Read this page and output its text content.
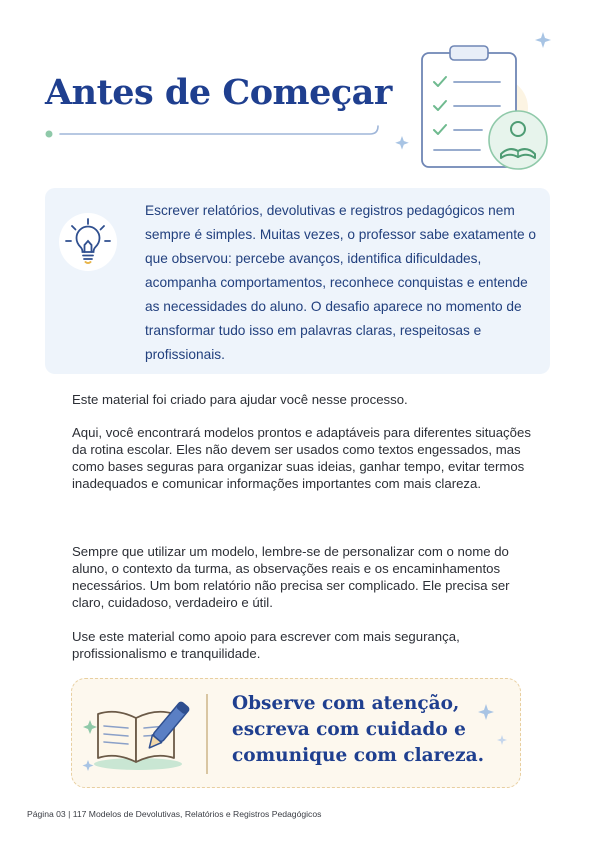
Antes de Começar

Escrever relatórios, devolutivas e registros pedagógicos nem sempre é simples. Muitas vezes, o professor sabe exatamente o que observou: percebe avanços, identifica dificuldades, acompanha comportamentos, reconhece conquistas e entende as necessidades do aluno. O desafio aparece no momento de transformar tudo isso em palavras claras, respeitosas e profissionais.

Este material foi criado para ajudar você nesse processo.

Aqui, você encontrará modelos prontos e adaptáveis para diferentes situações da rotina escolar. Eles não devem ser usados como textos engessados, mas como bases seguras para organizar suas ideias, ganhar tempo, evitar termos inadequados e comunicar informações importantes com mais clareza.

Sempre que utilizar um modelo, lembre-se de personalizar com o nome do aluno, o contexto da turma, as observações reais e os encaminhamentos necessários. Um bom relatório não precisa ser complicado. Ele precisa ser claro, cuidadoso, verdadeiro e útil.

Use este material como apoio para escrever com mais segurança, profissionalismo e tranquilidade.

Observe com atenção, escreva com cuidado e comunique com clareza.

Página 03 | 117 Modelos de Devolutivas, Relatórios e Registros Pedagógicos
